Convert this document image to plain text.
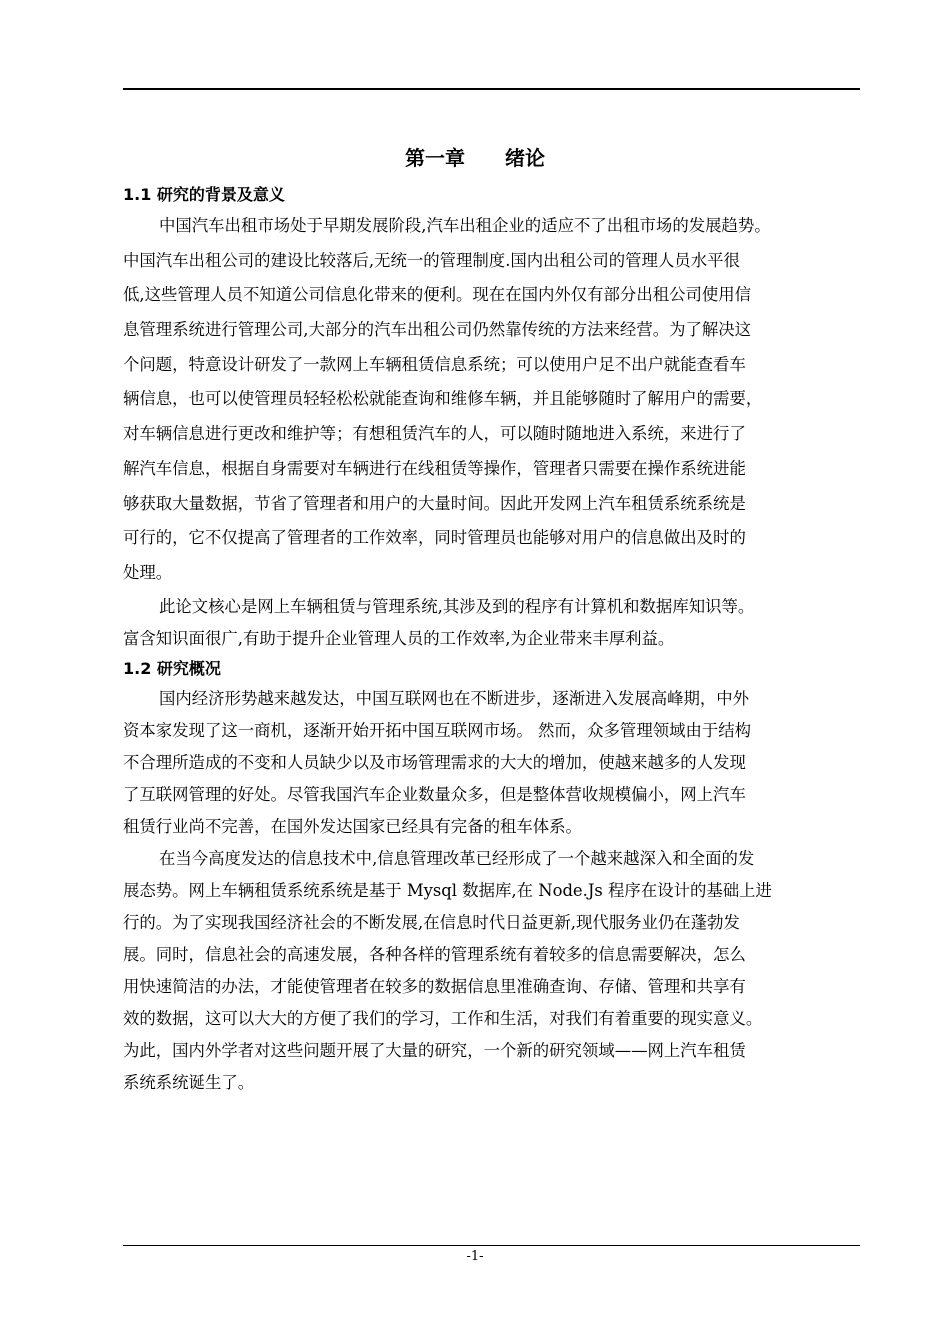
第一章 绪论
1.1 研究的背景及意义
中国汽车出租市场处于早期发展阶段,汽车出租企业的适应不了出租市场的发展趋势。
中国汽车出租公司的建设比较落后,无统一的管理制度.国内出租公司的管理人员水平很
低,这些管理人员不知道公司信息化带来的便利。现在在国内外仅有部分出租公司使用信
息管理系统进行管理公司,大部分的汽车出租公司仍然靠传统的方法来经营。为了解决这
个问题，特意设计研发了一款网上车辆租赁信息系统；可以使用户足不出户就能查看车
辆信息，也可以使管理员轻轻松松就能查询和维修车辆，并且能够随时了解用户的需要，
对车辆信息进行更改和维护等；有想租赁汽车的人，可以随时随地进入系统，来进行了
解汽车信息，根据自身需要对车辆进行在线租赁等操作，管理者只需要在操作系统进能
够获取大量数据，节省了管理者和用户的大量时间。因此开发网上汽车租赁系统系统是
可行的，它不仅提高了管理者的工作效率，同时管理员也能够对用户的信息做出及时的
处理。
此论文核心是网上车辆租赁与管理系统,其涉及到的程序有计算机和数据库知识等。
富含知识面很广,有助于提升企业管理人员的工作效率,为企业带来丰厚利益。
1.2 研究概况
国内经济形势越来越发达，中国互联网也在不断进步，逐渐进入发展高峰期，中外
资本家发现了这一商机，逐渐开始开拓中国互联网市场。 然而，众多管理领域由于结构
不合理所造成的不变和人员缺少以及市场管理需求的大大的增加，使越来越多的人发现
了互联网管理的好处。尽管我国汽车企业数量众多，但是整体营收规模偏小，网上汽车
租赁行业尚不完善，在国外发达国家已经具有完备的租车体系。
在当今高度发达的信息技术中,信息管理改革已经形成了一个越来越深入和全面的发
展态势。网上车辆租赁系统系统是基于 Mysql 数据库,在 Node.Js 程序在设计的基础上进
行的。为了实现我国经济社会的不断发展,在信息时代日益更新,现代服务业仍在蓬勃发
展。同时，信息社会的高速发展，各种各样的管理系统有着较多的信息需要解决，怎么
用快速简洁的办法，才能使管理者在较多的数据信息里准确查询、存储、管理和共享有
效的数据，这可以大大的方便了我们的学习，工作和生活，对我们有着重要的现实意义。
为此，国内外学者对这些问题开展了大量的研究，一个新的研究领域——网上汽车租赁
系统系统诞生了。
-1-
